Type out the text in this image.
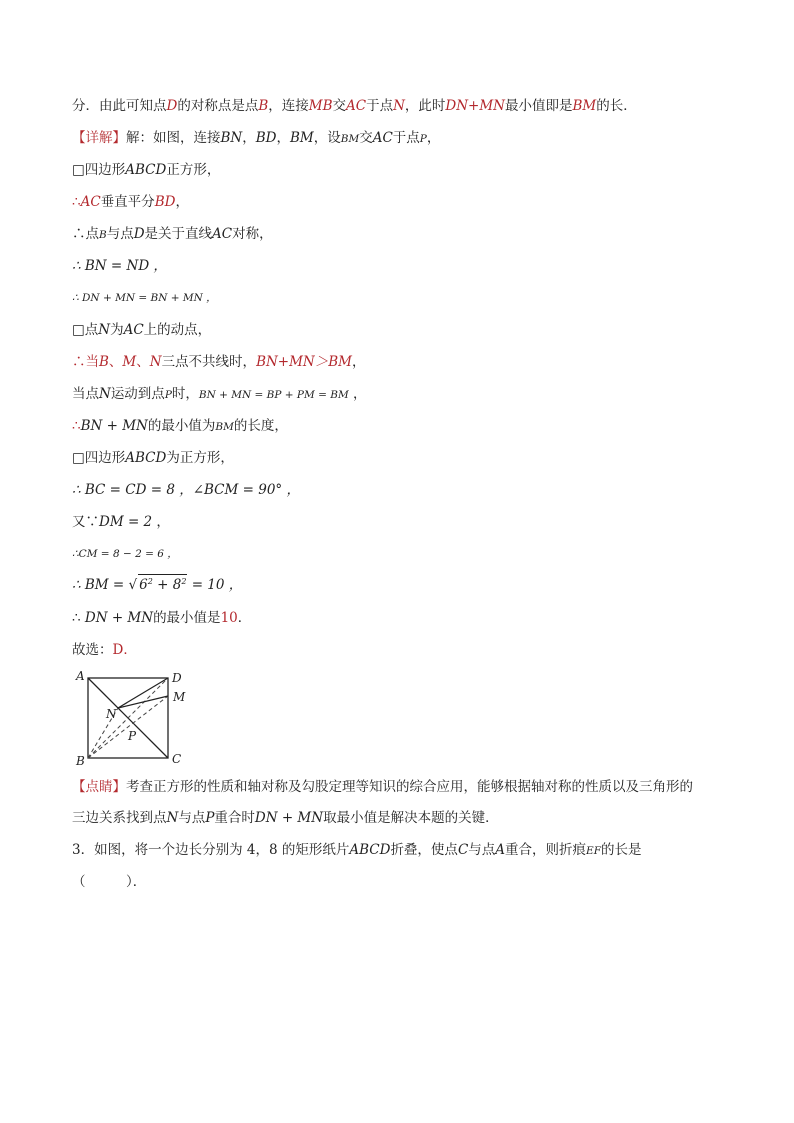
分．由此可知点D的对称点是点B，连接MB交AC于点N，此时DN+MN最小值即是BM的长．
【详解】解：如图，连接BN，BD，BM，设BM交AC于点P，
□四边形ABCD正方形，
∴AC垂直平分BD，
∴点B与点D是关于直线AC对称，
∴ BN = ND ，
∴ DN + MN = BN + MN ，
□点N为AC上的动点，
∴当B、M、N三点不共线时，BN+MN＞BM，
当点N运动到点P时，BN + MN = BP + PM = BM ，
∴BN + MN的最小值为BM的长度，
□四边形ABCD为正方形，
∴ BC = CD = 8 ，∠BCM = 90° ，
又∵DM = 2 ，
∴CM = 8 − 2 = 6 ，
∴ BM = √ $6^2 + 8^2 = 10$ ，
∴ DN + MN的最小值是10．
故选：D．
A	D
M
N
P
B	C
【点睛】考查正方形的性质和轴对称及勾股定理等知识的综合应用，能够根据轴对称的性质以及三角形的
三边关系找到点N与点P重合时DN + MN取最小值是解决本题的关键．
3．如图，将一个边长分别为 4，8 的矩形纸片ABCD折叠，使点C与点A重合，则折痕EF的长是
（　　　）．
